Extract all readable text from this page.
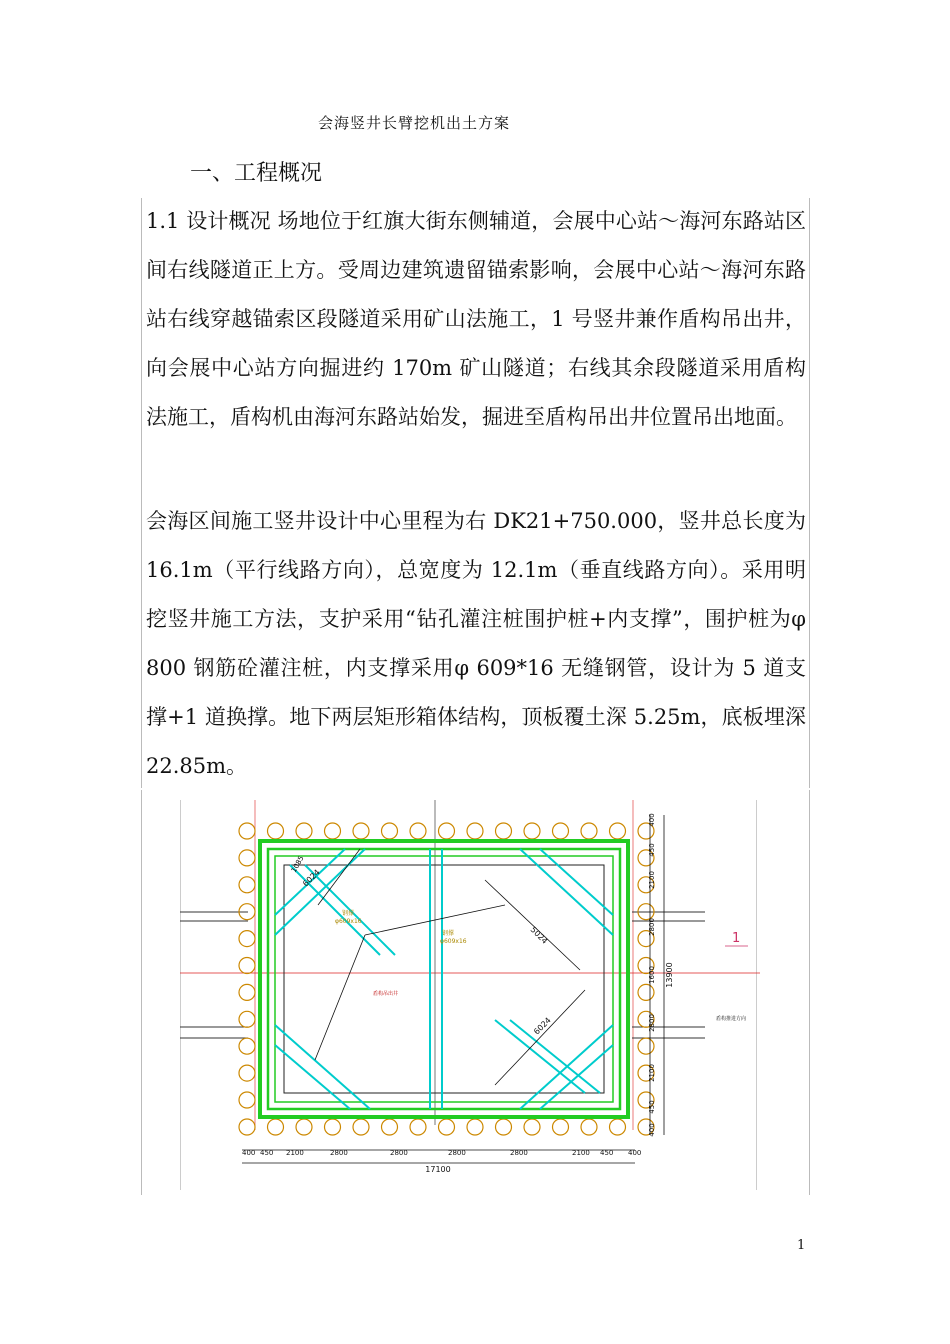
会海竖井长臂挖机出土方案
一、工程概况
1.1 设计概况 场地位于红旗大街东侧辅道，会展中心站～海河东路站区间右线隧道正上方。受周边建筑遗留锚索影响，会展中心站～海河东路站右线穿越锚索区段隧道采用矿山法施工，1 号竖井兼作盾构吊出井，向会展中心站方向掘进约 170m 矿山隧道；右线其余段隧道采用盾构法施工，盾构机由海河东路站始发，掘进至盾构吊出井位置吊出地面。
会海区间施工竖井设计中心里程为右 DK21+750.000，竖井总长度为 16.1m（平行线路方向），总宽度为 12.1m（垂直线路方向）。采用明挖竖井施工方法，支护采用“钻孔灌注桩围护桩+内支撑”，围护桩为φ 800 钢筋砼灌注桩，内支撑采用φ 609*16 无缝钢管，设计为 5 道支撑+1 道换撑。地下两层矩形箱体结构，顶板覆土深 5.25m，底板埋深 22.85m。
400 450 2100	2800	2800	2800	2800	2100 450 400
17100
400
450
2100
2800
1600
2800
2100
450
400
13900
1085
6024
5024
6024
钢撑
φ609x16
钢撑
φ609x16
盾构吊出井
盾构推进方向
1
1
